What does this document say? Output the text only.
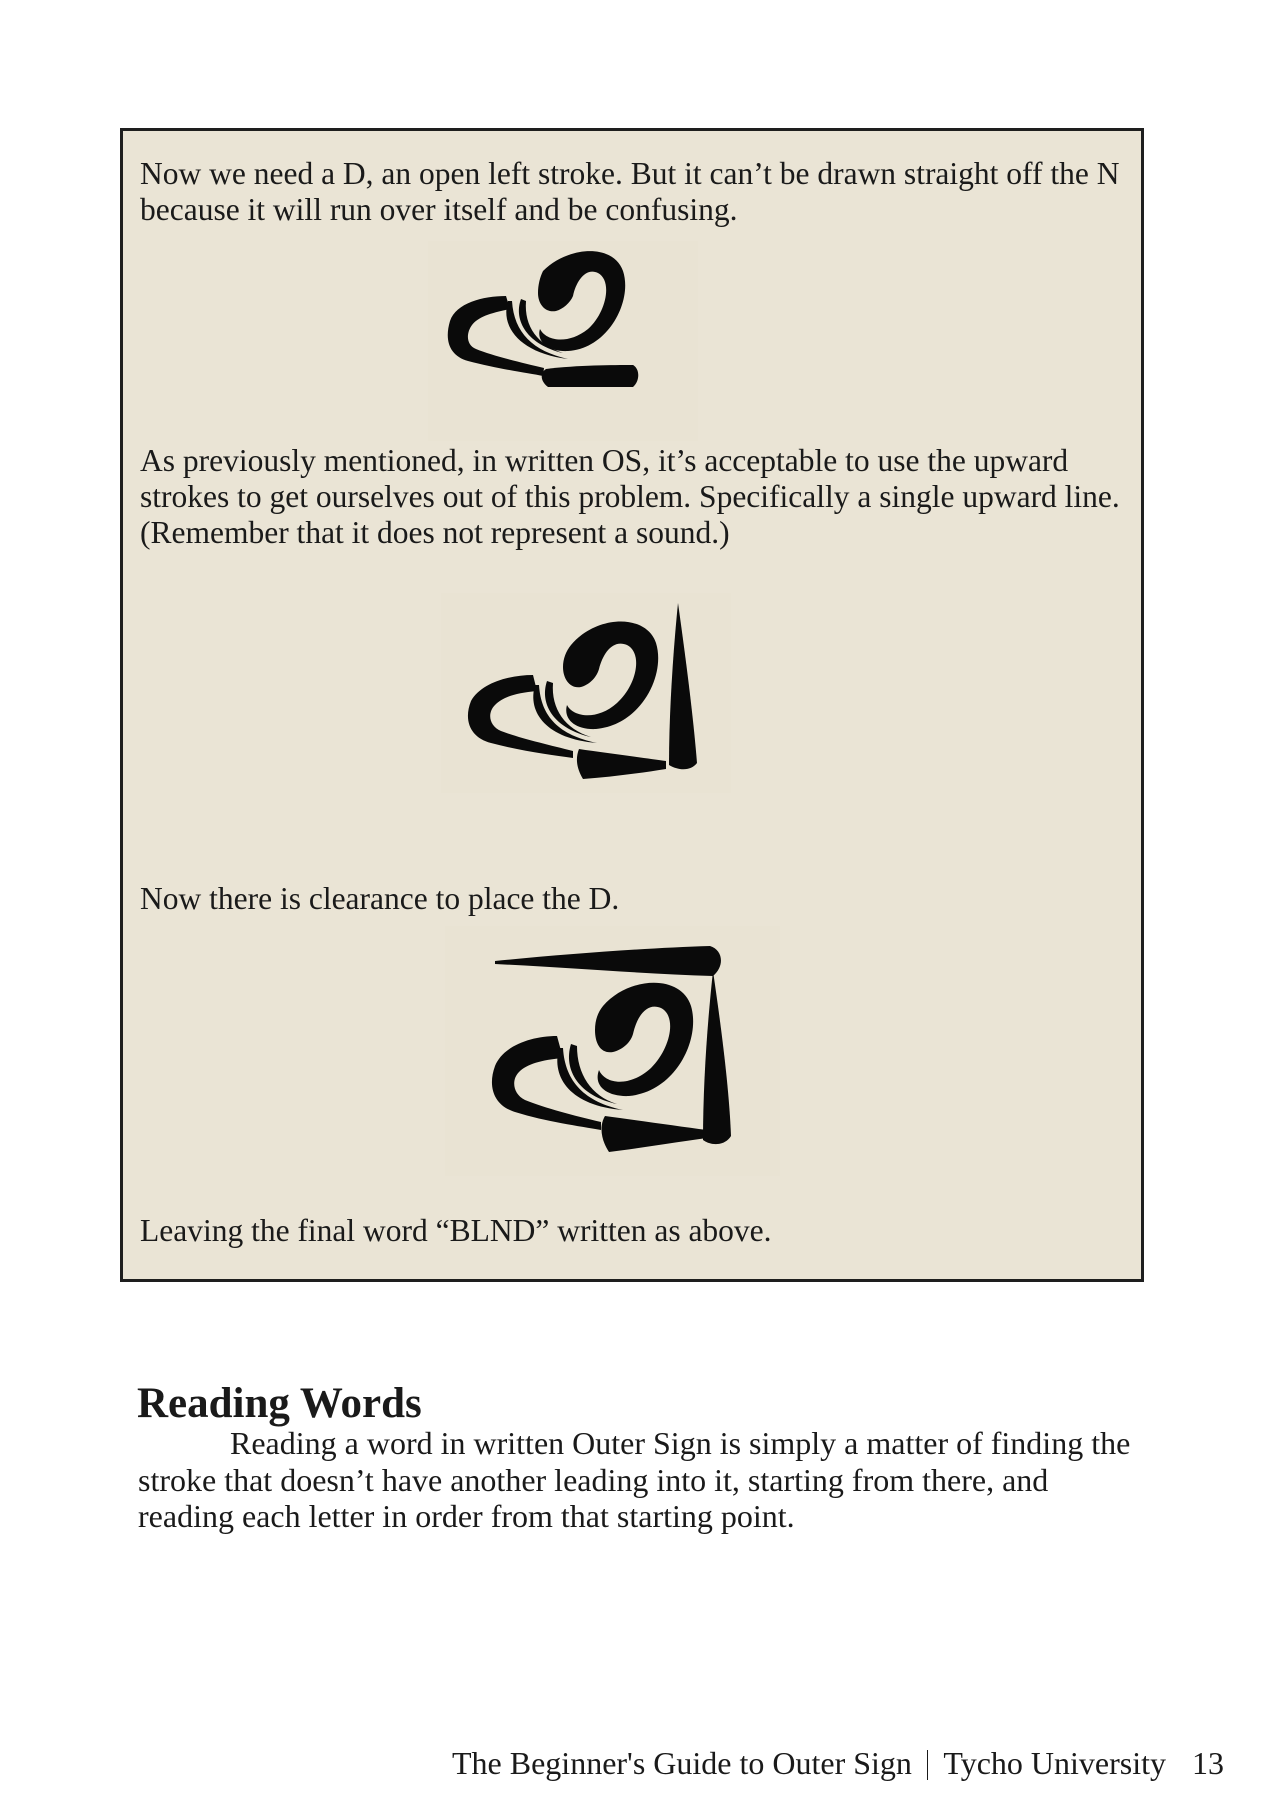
Now we need a D, an open left stroke. But it can’t be drawn straight off the N because it will run over itself and be confusing.

As previously mentioned, in written OS, it’s acceptable to use the upward strokes to get ourselves out of this problem. Specifically a single upward line. (Remember that it does not represent a sound.)

Now there is clearance to place the D.

Leaving the final word “BLND” written as above.

Reading Words

Reading a word in written Outer Sign is simply a matter of finding the stroke that doesn’t have another leading into it, starting from there, and reading each letter in order from that starting point.

The Beginner's Guide to Outer Sign Tycho University 13
